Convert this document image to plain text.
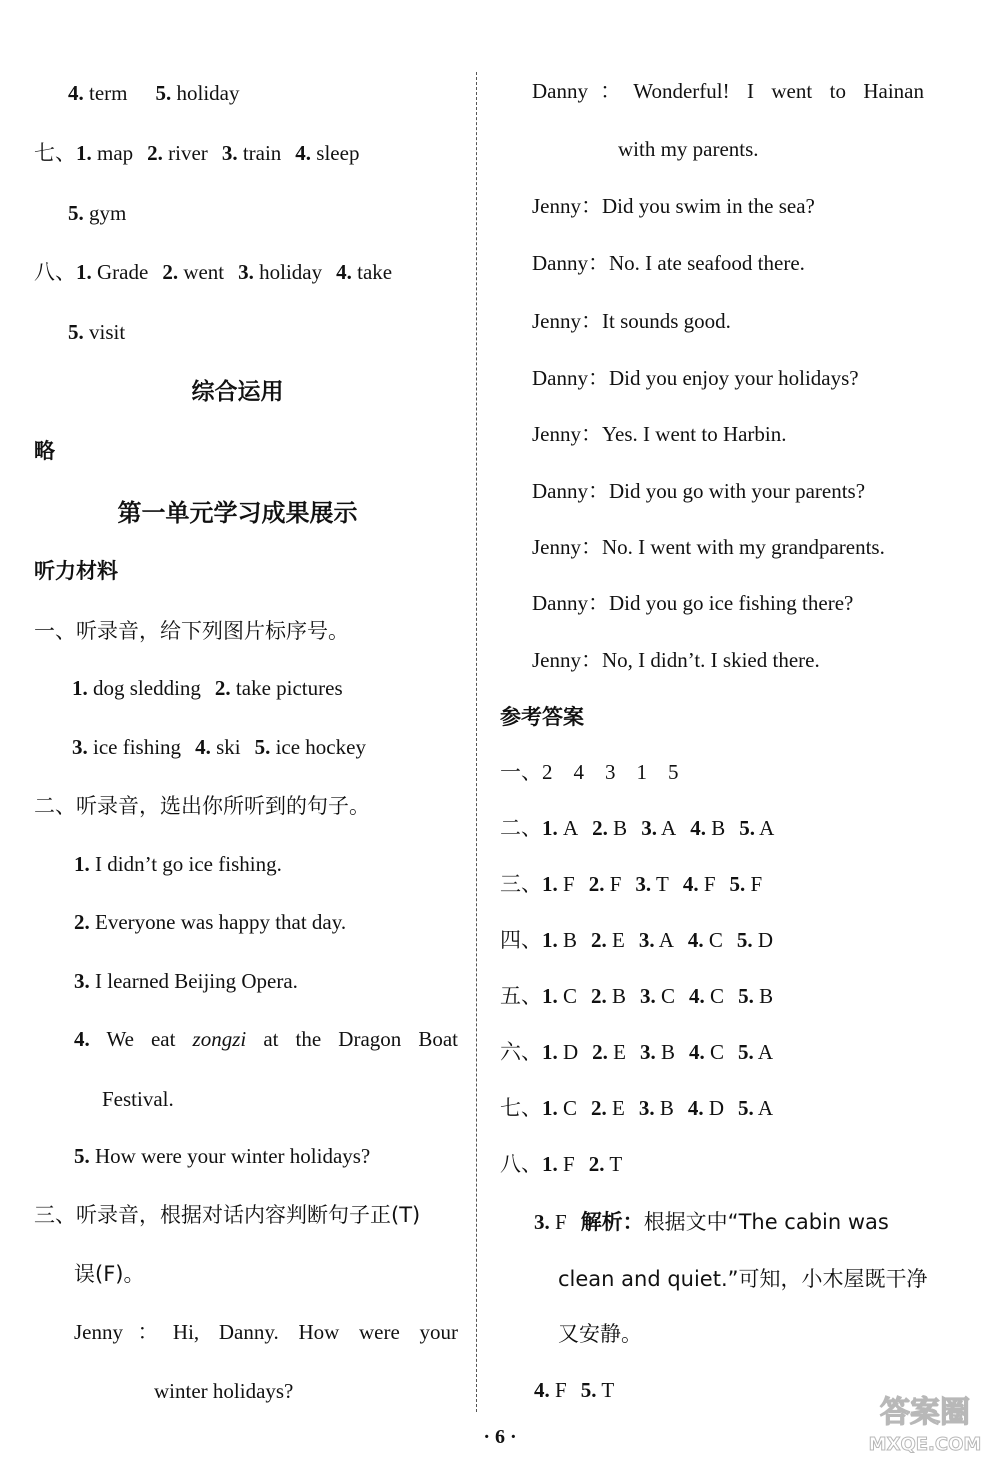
4. term 5. holiday
七、1. map 2. river 3. train 4. sleep
5. gym
八、1. Grade 2. went 3. holiday 4. take
5. visit
综合运用
略
第一单元学习成果展示
听力材料
一、听录音，给下列图片标序号。
1. dog sledding 2. take pictures
3. ice fishing 4. ski 5. ice hockey
二、听录音，选出你所听到的句子。
1. I didn’t go ice fishing.
2. Everyone was happy that day.
3. I learned Beijing Opera.
4. We eat zongzi at the Dragon Boat
Festival.
5. How were your winter holidays?
三、听录音，根据对话内容判断句子正(T)
误(F)。
Jenny：Hi, Danny. How were your
winter holidays?
Danny：Wonderful! I went to Hainan
with my parents.
Jenny：Did you swim in the sea?
Danny：No. I ate seafood there.
Jenny：It sounds good.
Danny：Did you enjoy your holidays?
Jenny：Yes. I went to Harbin.
Danny：Did you go with your parents?
Jenny：No. I went with my grandparents.
Danny：Did you go ice fishing there?
Jenny：No, I didn’t. I skied there.
参考答案
一、2　4　3　1　5
二、1. A 2. B 3. A 4. B 5. A
三、1. F 2. F 3. T 4. F 5. F
四、1. B 2. E 3. A 4. C 5. D
五、1. C 2. B 3. C 4. C 5. B
六、1. D 2. E 3. B 4. C 5. A
七、1. C 2. E 3. B 4. D 5. A
八、1. F 2. T
3. F 解析：根据文中“The cabin was
clean and quiet.”可知，小木屋既干净
又安静。
4. F 5. T
· 6 ·
答案圈
MXQE.COM
